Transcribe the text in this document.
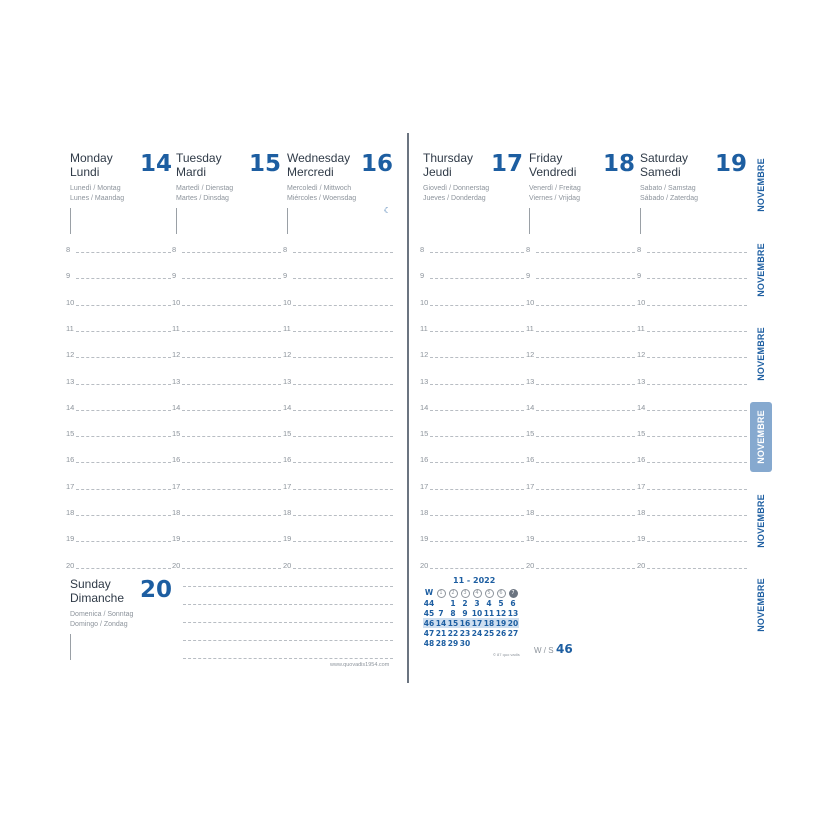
Monday
Lundi 14
Lunedì / Montag
Lunes / Maandag
Tuesday
Mardi 15
Martedì / Dienstag
Martes / Dinsdag
Wednesday
Mercredi 16
Mercoledì / Mittwoch
Miércoles / Woensdag
☾
Thursday
Jeudi 17
Giovedì / Donnerstag
Jueves / Donderdag
Friday
Vendredi 18
Venerdì / Freitag
Viernes / Vrijdag
Saturday
Samedi 19
Sabato / Samstag
Sábado / Zaterdag
8	8	8	8	8	8
9	9	9	9	9	9
10	10	10	10	10	10
11	11	11	11	11	11
12	12	12	12	12	12
13	13	13	13	13	13
14	14	14	14	14	14
15	15	15	15	15	15
16	16	16	16	16	16
17	17	17	17	17	17
18	18	18	18	18	18
19	19	19	19	19	19
20	20	20	20	20	20
Sunday
Dimanche 20
Domenica / Sonntag
Domingo / Zondag
www.quovadis1954.com
11 - 2022
W	1	2	3	4	5	6	7
44		1	2	3	4	5	6
45	7	8	9	10	11	12	13
46	14	15	16	17	18	19	20
47	21	22	23	24	25	26	27
48	28	29	30				
© 87 quo vadis W / S 46
NOVEMBRE
NOVEMBRE
NOVEMBRE
NOVEMBRE
NOVEMBRE
NOVEMBRE
